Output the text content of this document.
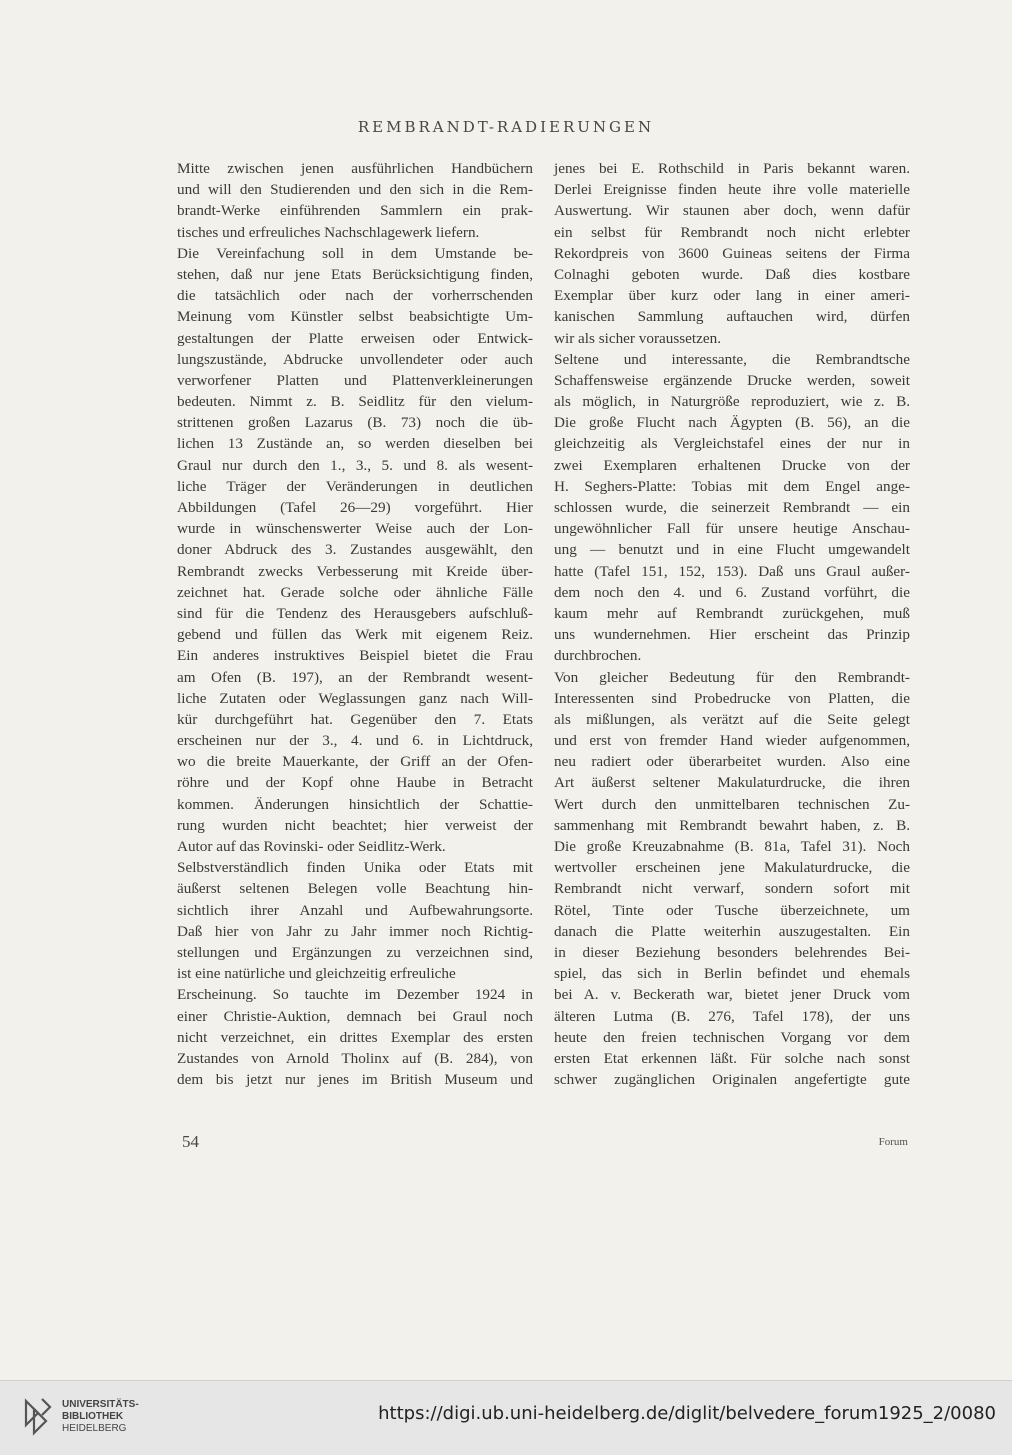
REMBRANDT-RADIERUNGEN
Mitte zwischen jenen ausführlichen Handbüchern
und will den Studierenden und den sich in die Rem-
brandt-Werke einführenden Sammlern ein prak-
tisches und erfreuliches Nachschlagewerk liefern.
Die Vereinfachung soll in dem Umstande be-
stehen, daß nur jene Etats Berücksichtigung finden,
die tatsächlich oder nach der vorherrschenden
Meinung vom Künstler selbst beabsichtigte Um-
gestaltungen der Platte erweisen oder Entwick-
lungszustände, Abdrucke unvollendeter oder auch
verworfener Platten und Plattenverkleinerungen
bedeuten. Nimmt z. B. Seidlitz für den vielum-
strittenen großen Lazarus (B. 73) noch die üb-
lichen 13 Zustände an, so werden dieselben bei
Graul nur durch den 1., 3., 5. und 8. als wesent-
liche Träger der Veränderungen in deutlichen
Abbildungen (Tafel 26—29) vorgeführt. Hier
wurde in wünschenswerter Weise auch der Lon-
doner Abdruck des 3. Zustandes ausgewählt, den
Rembrandt zwecks Verbesserung mit Kreide über-
zeichnet hat. Gerade solche oder ähnliche Fälle
sind für die Tendenz des Herausgebers aufschluß-
gebend und füllen das Werk mit eigenem Reiz.
Ein anderes instruktives Beispiel bietet die Frau
am Ofen (B. 197), an der Rembrandt wesent-
liche Zutaten oder Weglassungen ganz nach Will-
kür durchgeführt hat. Gegenüber den 7. Etats
erscheinen nur der 3., 4. und 6. in Lichtdruck,
wo die breite Mauerkante, der Griff an der Ofen-
röhre und der Kopf ohne Haube in Betracht
kommen. Änderungen hinsichtlich der Schattie-
rung wurden nicht beachtet; hier verweist der
Autor auf das Rovinski- oder Seidlitz-Werk.
Selbstverständlich finden Unika oder Etats mit
äußerst seltenen Belegen volle Beachtung hin-
sichtlich ihrer Anzahl und Aufbewahrungsorte.
Daß hier von Jahr zu Jahr immer noch Richtig-
stellungen und Ergänzungen zu verzeichnen sind,
ist eine natürliche und gleichzeitig erfreuliche
Erscheinung. So tauchte im Dezember 1924 in
einer Christie-Auktion, demnach bei Graul noch
nicht verzeichnet, ein drittes Exemplar des ersten
Zustandes von Arnold Tholinx auf (B. 284), von
dem bis jetzt nur jenes im British Museum und
jenes bei E. Rothschild in Paris bekannt waren.
Derlei Ereignisse finden heute ihre volle materielle
Auswertung. Wir staunen aber doch, wenn dafür
ein selbst für Rembrandt noch nicht erlebter
Rekordpreis von 3600 Guineas seitens der Firma
Colnaghi geboten wurde. Daß dies kostbare
Exemplar über kurz oder lang in einer ameri-
kanischen Sammlung auftauchen wird, dürfen
wir als sicher voraussetzen.
Seltene und interessante, die Rembrandtsche
Schaffensweise ergänzende Drucke werden, soweit
als möglich, in Naturgröße reproduziert, wie z. B.
Die große Flucht nach Ägypten (B. 56), an die
gleichzeitig als Vergleichstafel eines der nur in
zwei Exemplaren erhaltenen Drucke von der
H. Seghers-Platte: Tobias mit dem Engel ange-
schlossen wurde, die seinerzeit Rembrandt — ein
ungewöhnlicher Fall für unsere heutige Anschau-
ung — benutzt und in eine Flucht umgewandelt
hatte (Tafel 151, 152, 153). Daß uns Graul außer-
dem noch den 4. und 6. Zustand vorführt, die
kaum mehr auf Rembrandt zurückgehen, muß
uns wundernehmen. Hier erscheint das Prinzip
durchbrochen.
Von gleicher Bedeutung für den Rembrandt-
Interessenten sind Probedrucke von Platten, die
als mißlungen, als verätzt auf die Seite gelegt
und erst von fremder Hand wieder aufgenommen,
neu radiert oder überarbeitet wurden. Also eine
Art äußerst seltener Makulaturdrucke, die ihren
Wert durch den unmittelbaren technischen Zu-
sammenhang mit Rembrandt bewahrt haben, z. B.
Die große Kreuzabnahme (B. 81a, Tafel 31). Noch
wertvoller erscheinen jene Makulaturdrucke, die
Rembrandt nicht verwarf, sondern sofort mit
Rötel, Tinte oder Tusche überzeichnete, um
danach die Platte weiterhin auszugestalten. Ein
in dieser Beziehung besonders belehrendes Bei-
spiel, das sich in Berlin befindet und ehemals
bei A. v. Beckerath war, bietet jener Druck vom
älteren Lutma (B. 276, Tafel 178), der uns
heute den freien technischen Vorgang vor dem
ersten Etat erkennen läßt. Für solche nach sonst
schwer zugänglichen Originalen angefertigte gute
54	Forum
UNIVERSITÄTS-
BIBLIOTHEK
HEIDELBERG
https://digi.ub.uni-heidelberg.de/diglit/belvedere_forum1925_2/0080
